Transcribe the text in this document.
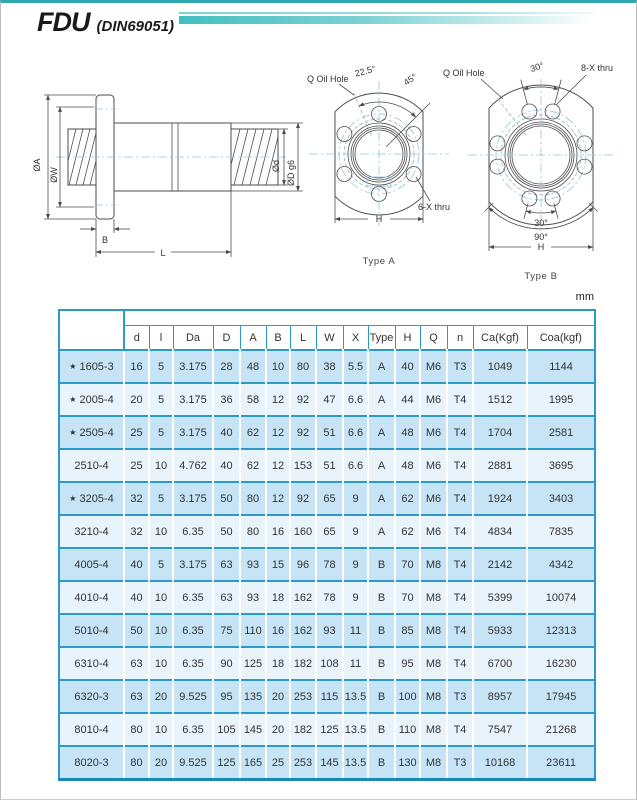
FDU (DIN69051)
ØA
ØW
Ød ØD g6
B
L
Q Oil Hole
22.5°
45°
6-X thru
H
Type A
30°
Q Oil Hole	8-X thru
30°
90°
H
Type B
mm

	d	l	Da	D	A	B	L	W	X	Type	H	Q	n	Ca(Kgf)	Coa(kgf)
★ 1605-3	16	5	3.175	28	48	10	80	38	5.5	A	40	M6	T3	1049	1144
★ 2005-4	20	5	3.175	36	58	12	92	47	6.6	A	44	M6	T4	1512	1995
★ 2505-4	25	5	3.175	40	62	12	92	51	6.6	A	48	M6	T4	1704	2581
2510-4	25	10	4.762	40	62	12	153	51	6.6	A	48	M6	T4	2881	3695
★ 3205-4	32	5	3.175	50	80	12	92	65	9	A	62	M6	T4	1924	3403
3210-4	32	10	6.35	50	80	16	160	65	9	A	62	M6	T4	4834	7835
4005-4	40	5	3.175	63	93	15	96	78	9	B	70	M8	T4	2142	4342
4010-4	40	10	6.35	63	93	18	162	78	9	B	70	M8	T4	5399	10074
5010-4	50	10	6.35	75	110	16	162	93	11	B	85	M8	T4	5933	12313
6310-4	63	10	6.35	90	125	18	182	108	11	B	95	M8	T4	6700	16230
6320-3	63	20	9.525	95	135	20	253	115	13.5	B	100	M8	T3	8957	17945
8010-4	80	10	6.35	105	145	20	182	125	13.5	B	110	M8	T4	7547	21268
8020-3	80	20	9.525	125	165	25	253	145	13.5	B	130	M8	T3	10168	23611
